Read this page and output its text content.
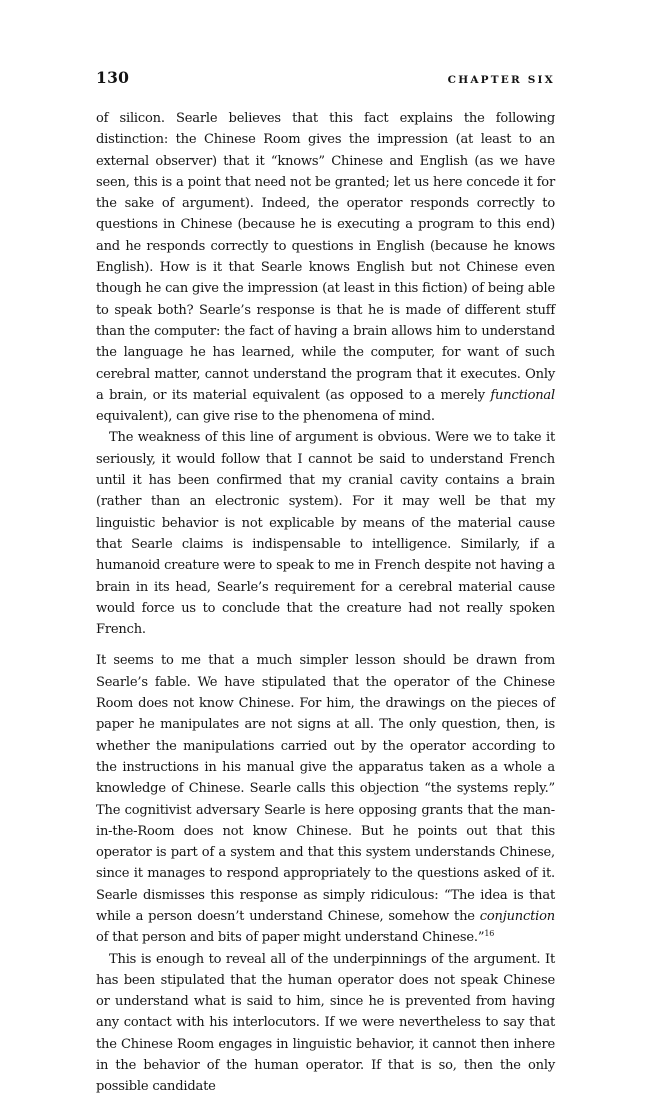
130	CHAPTER SIX

of silicon. Searle believes that this fact explains the following distinction: the Chinese Room gives the impression (at least to an external observer) that it “knows” Chinese and English (as we have seen, this is a point that need not be granted; let us here concede it for the sake of argument). Indeed, the operator responds correctly to questions in Chinese (because he is executing a program to this end) and he responds correctly to questions in English (because he knows English). How is it that Searle knows English but not Chinese even though he can give the impression (at least in this fiction) of being able to speak both? Searle’s response is that he is made of different stuff than the computer: the fact of having a brain allows him to understand the language he has learned, while the computer, for want of such cerebral matter, cannot understand the program that it executes. Only a brain, or its material equivalent (as opposed to a merely functional equivalent), can give rise to the phenomena of mind.

The weakness of this line of argument is obvious. Were we to take it seriously, it would follow that I cannot be said to understand French until it has been confirmed that my cranial cavity contains a brain (rather than an electronic system). For it may well be that my linguistic behavior is not explicable by means of the material cause that Searle claims is indispensable to intelligence. Similarly, if a humanoid creature were to speak to me in French despite not having a brain in its head, Searle’s requirement for a cerebral material cause would force us to conclude that the creature had not really spoken French.

It seems to me that a much simpler lesson should be drawn from Searle’s fable. We have stipulated that the operator of the Chinese Room does not know Chinese. For him, the drawings on the pieces of paper he manipulates are not signs at all. The only question, then, is whether the manipulations carried out by the operator according to the instructions in his manual give the apparatus taken as a whole a knowledge of Chinese. Searle calls this objection “the systems reply.” The cognitivist adversary Searle is here opposing grants that the man-in-the-Room does not know Chinese. But he points out that this operator is part of a system and that this system understands Chinese, since it manages to respond appropriately to the questions asked of it. Searle dismisses this response as simply ridiculous: “The idea is that while a person doesn’t understand Chinese, somehow the conjunction of that person and bits of paper might understand Chinese.”$^{16}$

This is enough to reveal all of the underpinnings of the argument. It has been stipulated that the human operator does not speak Chinese or understand what is said to him, since he is prevented from having any contact with his interlocutors. If we were nevertheless to say that the Chinese Room engages in linguistic behavior, it cannot then inhere in the behavior of the human operator. If that is so, then the only possible candidate
